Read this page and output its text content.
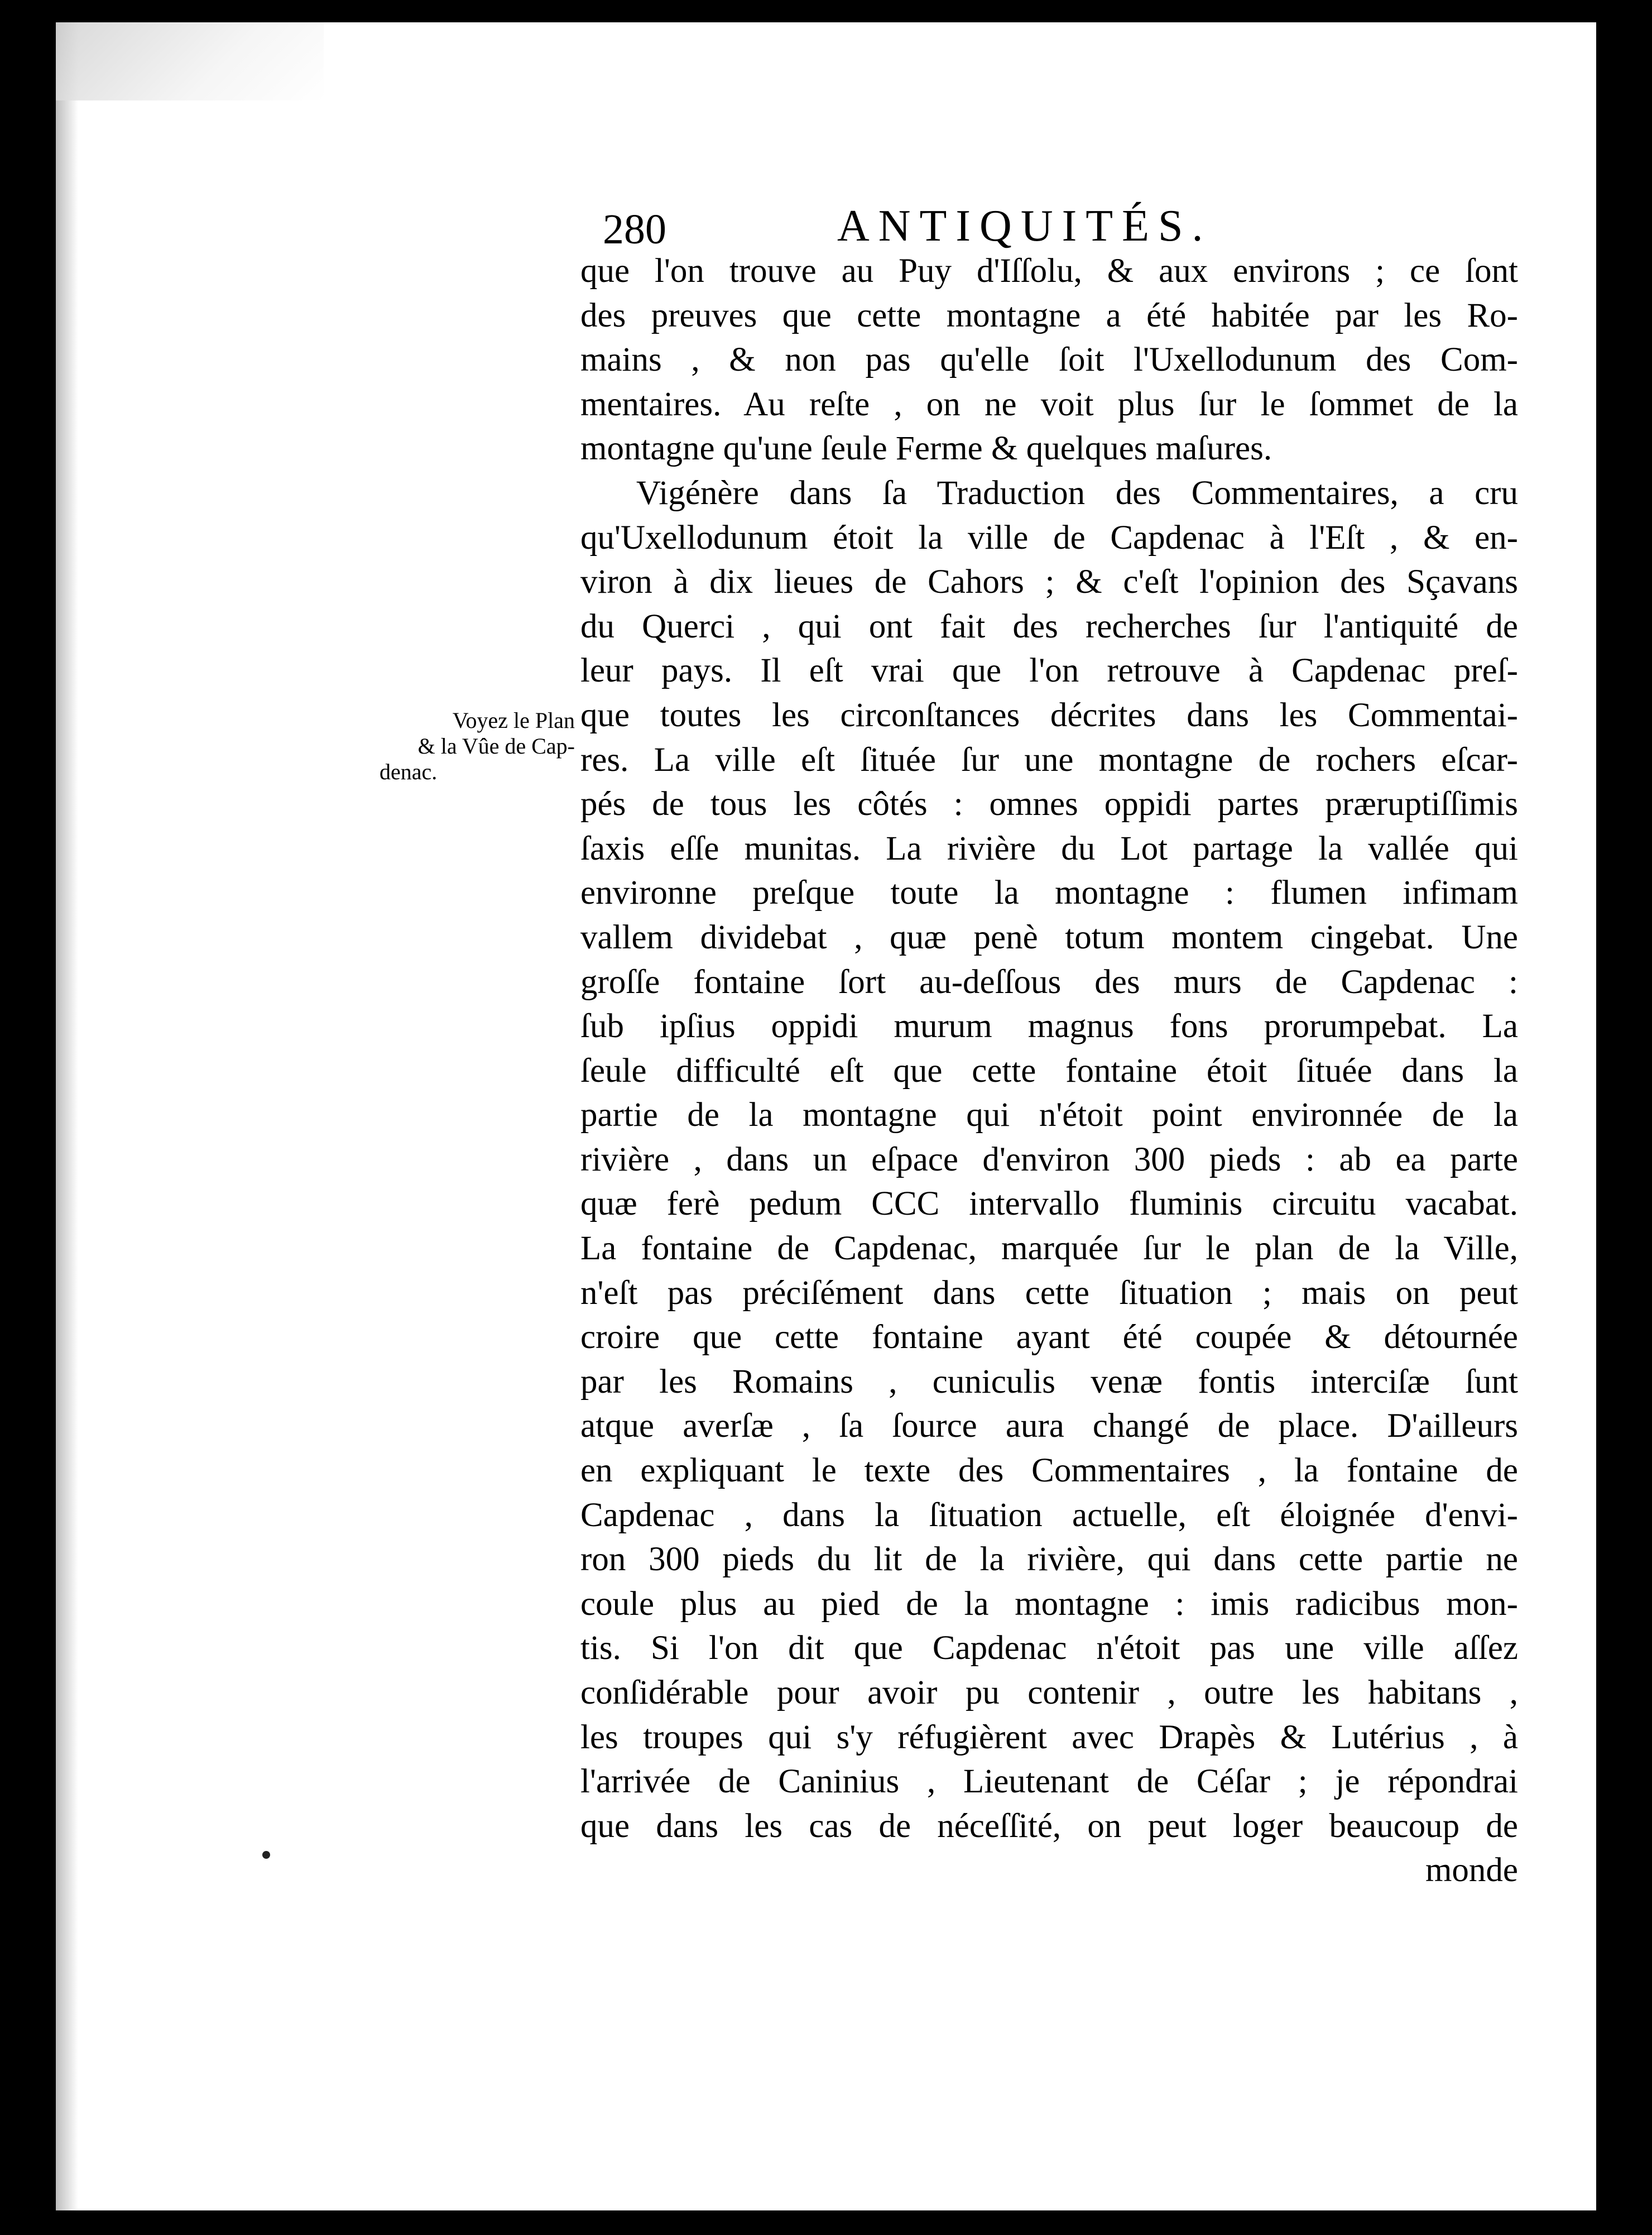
280	ANTIQUITÉS.
Voyez le Plan
& la Vûe de Cap-
denac.
que l'on trouve au Puy d'Iſſolu, & aux environs ; ce ſont
des preuves que cette montagne a été habitée par les Ro-
mains , & non pas qu'elle ſoit l'Uxellodunum des Com-
mentaires. Au reſte , on ne voit plus ſur le ſommet de la
montagne qu'une ſeule Ferme & quelques maſures.
Vigénère dans ſa Traduction des Commentaires, a cru
qu'Uxellodunum étoit la ville de Capdenac à l'Eſt , & en-
viron à dix lieues de Cahors ; & c'eſt l'opinion des Sçavans
du Querci , qui ont fait des recherches ſur l'antiquité de
leur pays. Il eſt vrai que l'on retrouve à Capdenac preſ-
que toutes les circonſtances décrites dans les Commentai-
res. La ville eſt ſituée ſur une montagne de rochers eſcar-
pés de tous les côtés : omnes oppidi partes præruptiſſimis
ſaxis eſſe munitas. La rivière du Lot partage la vallée qui
environne preſque toute la montagne : flumen infimam
vallem dividebat , quæ penè totum montem cingebat. Une
groſſe fontaine ſort au-deſſous des murs de Capdenac :
ſub ipſius oppidi murum magnus fons prorumpebat. La
ſeule difficulté eſt que cette fontaine étoit ſituée dans la
partie de la montagne qui n'étoit point environnée de la
rivière , dans un eſpace d'environ 300 pieds : ab ea parte
quæ ferè pedum CCC intervallo fluminis circuitu vacabat.
La fontaine de Capdenac, marquée ſur le plan de la Ville,
n'eſt pas préciſément dans cette ſituation ; mais on peut
croire que cette fontaine ayant été coupée & détournée
par les Romains , cuniculis venæ fontis interciſæ ſunt
atque averſæ , ſa ſource aura changé de place. D'ailleurs
en expliquant le texte des Commentaires , la fontaine de
Capdenac , dans la ſituation actuelle, eſt éloignée d'envi-
ron 300 pieds du lit de la rivière, qui dans cette partie ne
coule plus au pied de la montagne : imis radicibus mon-
tis. Si l'on dit que Capdenac n'étoit pas une ville aſſez
conſidérable pour avoir pu contenir , outre les habitans ,
les troupes qui s'y réfugièrent avec Drapès & Lutérius , à
l'arrivée de Caninius , Lieutenant de Céſar ; je répondrai
que dans les cas de néceſſité, on peut loger beaucoup de
monde
